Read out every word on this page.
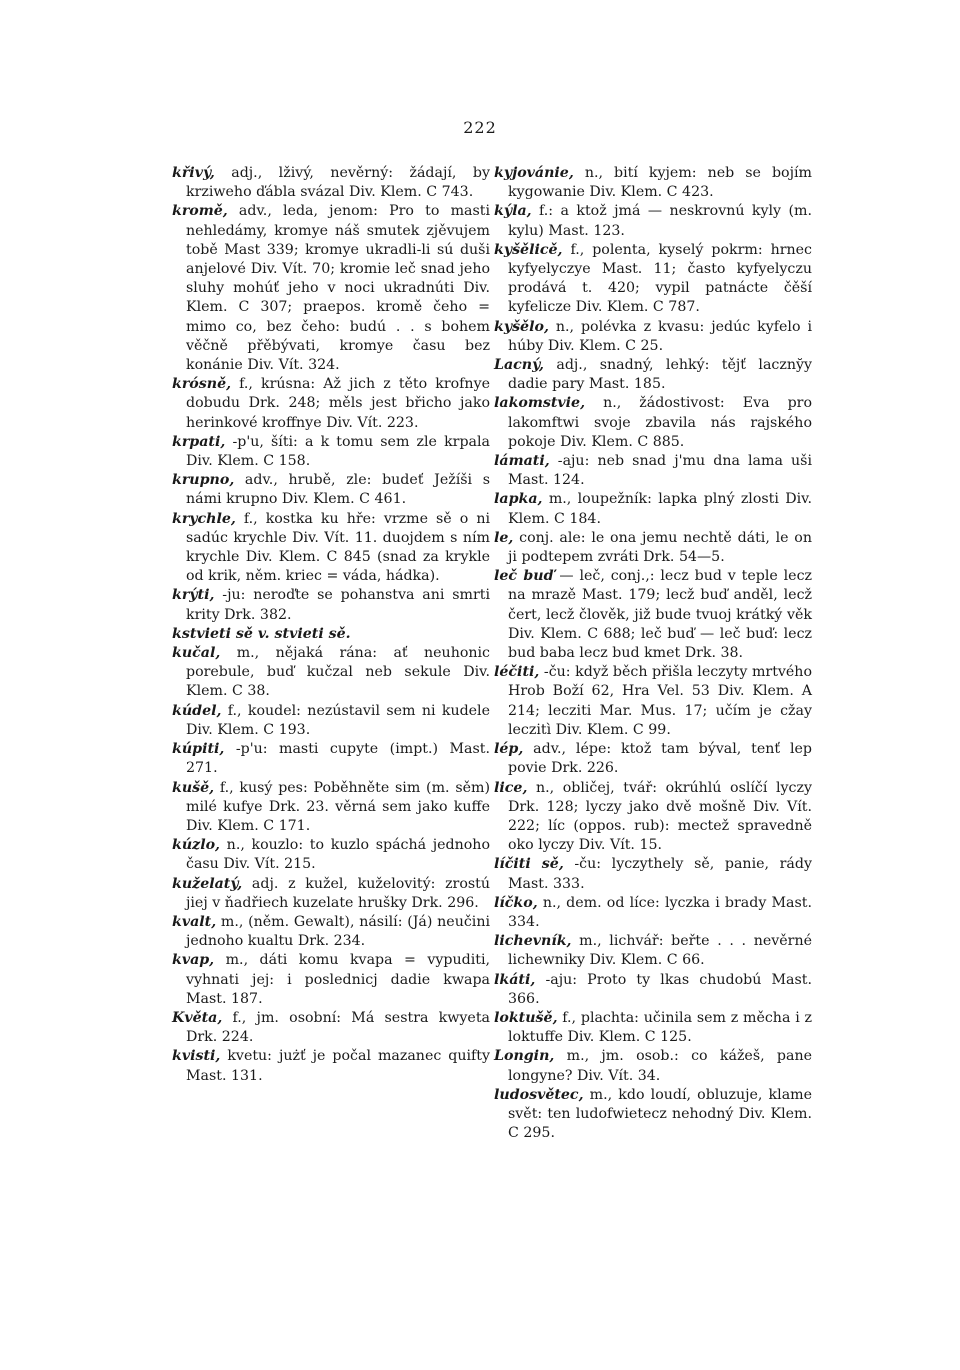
222

křivý, adj., lživý, nevěrný: žádají, by krziweho ďábla svázal Div. Klem. C 743.

kromě, adv., leda, jenom: Pro to masti nehledámy, kromye náš smutek zjěvujem tobě Mast 339; kromye ukradli-li sú duši anjelové Div. Vít. 70; kromie leč snad jeho sluhy mohúť jeho v noci ukradnúti Div. Klem. C 307; praepos. kromě čeho = mimo co, bez čeho: budú . . s bohem věčně přěbývati, kromye času bez konánie Div. Vít. 324.

krósně, f., krúsna: Až jich z těto krofnye dobudu Drk. 248; měls jest břicho jako herinkové kroffnye Div. Vít. 223.

krpati, -p'u, šíti: a k tomu sem zle krpala Div. Klem. C 158.

krupno, adv., hrubě, zle: budeť Ježíši s námi krupno Div. Klem. C 461.

krychle, f., kostka ku hře: vrzme sě o ni sadúc krychle Div. Vít. 11. duojdem s ním krychle Div. Klem. C 845 (snad za krykle od krik, něm. kriec = váda, hádka).

krýti, -ju: neroďte se pohanstva ani smrti krity Drk. 382.

kstvieti sě v. stvieti sě.

kučal, m., nějaká rána: ať neuhonic porebule, buď kučzal neb sekule Div. Klem. C 38.

kúdel, f., koudel: nezústavil sem ni kudele Div. Klem. C 193.

kúpiti, -p'u: masti cupyte (impt.) Mast. 271.

kušě, f., kusý pes: Poběhněte sim (m. sěm) milé kufye Drk. 23. věrná sem jako kuffe Div. Klem. C 171.

kúzlo, n., kouzlo: to kuzlo spáchá jednoho času Div. Vít. 215.

kuželatý, adj. z kužel, kuželovitý: zrostú jiej v ňadřiech kuzelate hrušky Drk. 296.

kvalt, m., (něm. Gewalt), násilí: (Já) neučini jednoho kualtu Drk. 234.

kvap, m., dáti komu kvapa = vypuditi, vyhnati jej: i poslednicj dadie kwapa Mast. 187.

Květa, f., jm. osobní: Má sestra kwyeta Drk. 224.

kvisti, kvetu: jużť je počal mazanec quifty Mast. 131.

kyjovánie, n., bití kyjem: neb se bojím kygowanie Div. Klem. C 423.

kýla, f.: a ktož jmá — neskrovnú kyly (m. kylu) Mast. 123.

kyšělicě, f., polenta, kyselý pokrm: hrnec kyfyelyczye Mast. 11; často kyfyelyczu prodává t. 420; vypil patnácte čěší kyfelicze Div. Klem. C 787.

kyšělo, n., polévka z kvasu: jedúc kyfelo i húby Div. Klem. C 25.

Lacný, adj., snadný, lehký: tějť laczny̆y dadie pary Mast. 185.

lakomstvie, n., žádostivost: Eva pro lakomftwi svoje zbavila nás rajského pokoje Div. Klem. C 885.

lámati, -aju: neb snad j'mu dna lama uši Mast. 124.

lapka, m., loupežník: lapka plný zlosti Div. Klem. C 184.

le, conj. ale: le ona jemu nechtě dáti, le on ji podtepem zvráti Drk. 54—5.

leč buď — leč, conj.,: lecz bud v teple lecz na mrazě Mast. 179; lecž buď anděl, lecž čert, lecž člověk, již bude tvuoj krátký věk Div. Klem. C 688; leč buď — leč buď: lecz bud baba lecz bud kmet Drk. 38.

léčiti, -ču: když běch přišla leczyty mrtvého Hrob Boží 62, Hra Vel. 53 Div. Klem. A 214; lecziti Mar. Mus. 17; učím je cžay leczitì Div. Klem. C 99.

lép, adv., lépe: ktož tam býval, tenť lep povie Drk. 226.

lice, n., obličej, tvář: okrúhlú oslíčí lyczy Drk. 128; lyczy jako dvě mošně Div. Vít. 222; líc (oppos. rub): mectež spravedně oko lyczy Div. Vít. 15.

líčiti sě, -ču: lyczythely sě, panie, rády Mast. 333.

líčko, n., dem. od líce: lyczka i brady Mast. 334.

lichevník, m., lichvář: beřte . . . nevěrné lichewniky Div. Klem. C 66.

lkáti, -aju: Proto ty lkas chudobú Mast. 366.

loktušě, f., plachta: učinila sem z měcha i z loktuffe Div. Klem. C 125.

Longin, m., jm. osob.: co kážeš, pane longyne? Div. Vít. 34.

ludosvětec, m., kdo loudí, obluzuje, klame svět: ten ludofwietecz nehodný Div. Klem. C 295.
